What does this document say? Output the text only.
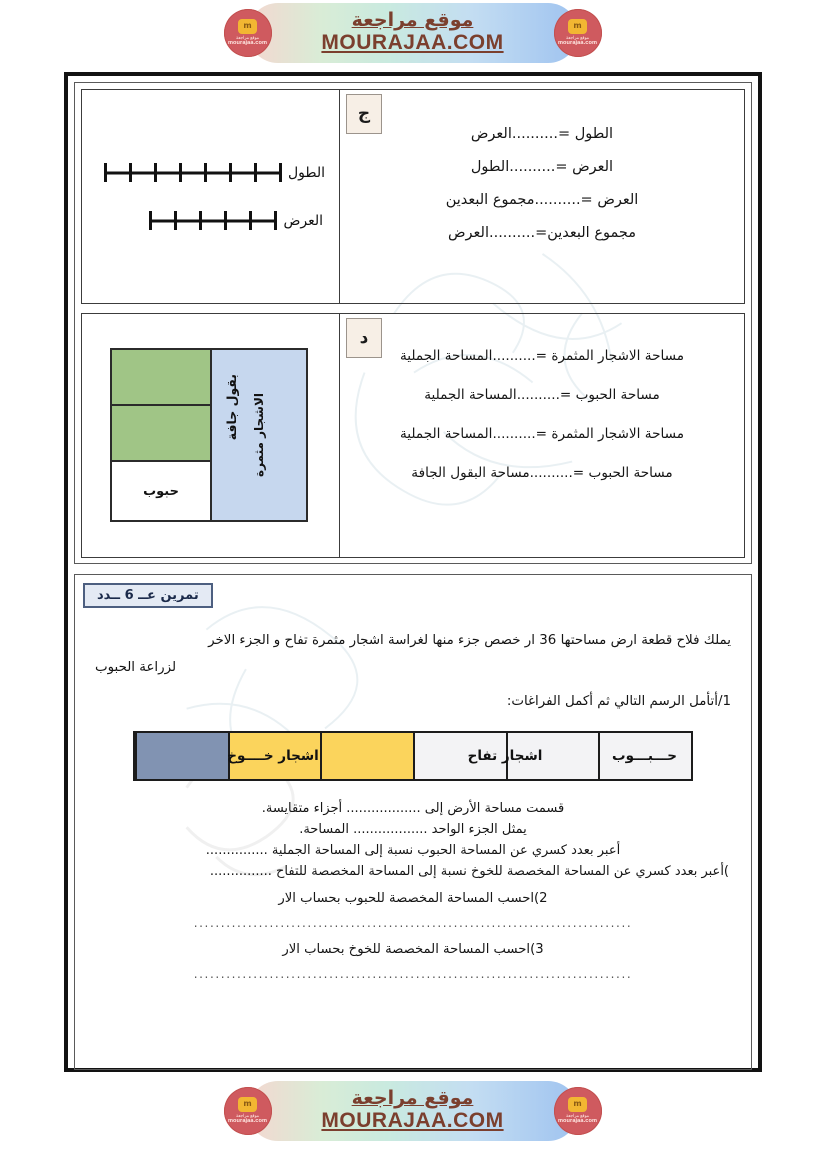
m
موقع مراجعة
mourajaa.com
موقع مراجعة
MOURAJAA.COM
m
موقع مراجعة
mourajaa.com
ج
الطول =..........العرض
العرض =..........الطول
العرض =..........مجموع البعدين
مجموع البعدين=..........العرض
الطول
العرض
د
مساحة الاشجار المثمرة =..........المساحة الجملية
مساحة الحبوب =..........المساحة الجملية
مساحة الاشجار المثمرة =..........المساحة الجملية
مساحة الحبوب =..........مساحة البقول الجافة
الاشجار مثمرة
حبوب
بقول جافة
تمرين عــ 6 ــدد
يملك فلاح قطعة ارض مساحتها 36 ار خصص جزء منها لغراسة اشجار مثمرة تفاح و الجزء الاخر
لزراعة الحبوب
1/أتأمل الرسم التالي ثم أكمل الفراغات:
حـــبـــوب
اشجار تفاح
اشجار خــــوخ
قسمت مساحة الأرض إلى .................. أجزاء متقايسة.
يمثل الجزء الواحد .................. المساحة.
أعبر بعدد كسري عن المساحة الحبوب نسبة إلى المساحة الجملية ...............
)أعبر بعدد كسري عن المساحة المخصصة للخوخ نسبة إلى المساحة المخصصة للتفاح ...............
2)احسب المساحة المخصصة للحبوب بحساب الار
.................................................................................
3)احسب المساحة المخصصة للخوخ بحساب الار
.................................................................................
m
موقع مراجعة
mourajaa.com
موقع مراجعة
MOURAJAA.COM
m
موقع مراجعة
mourajaa.com
